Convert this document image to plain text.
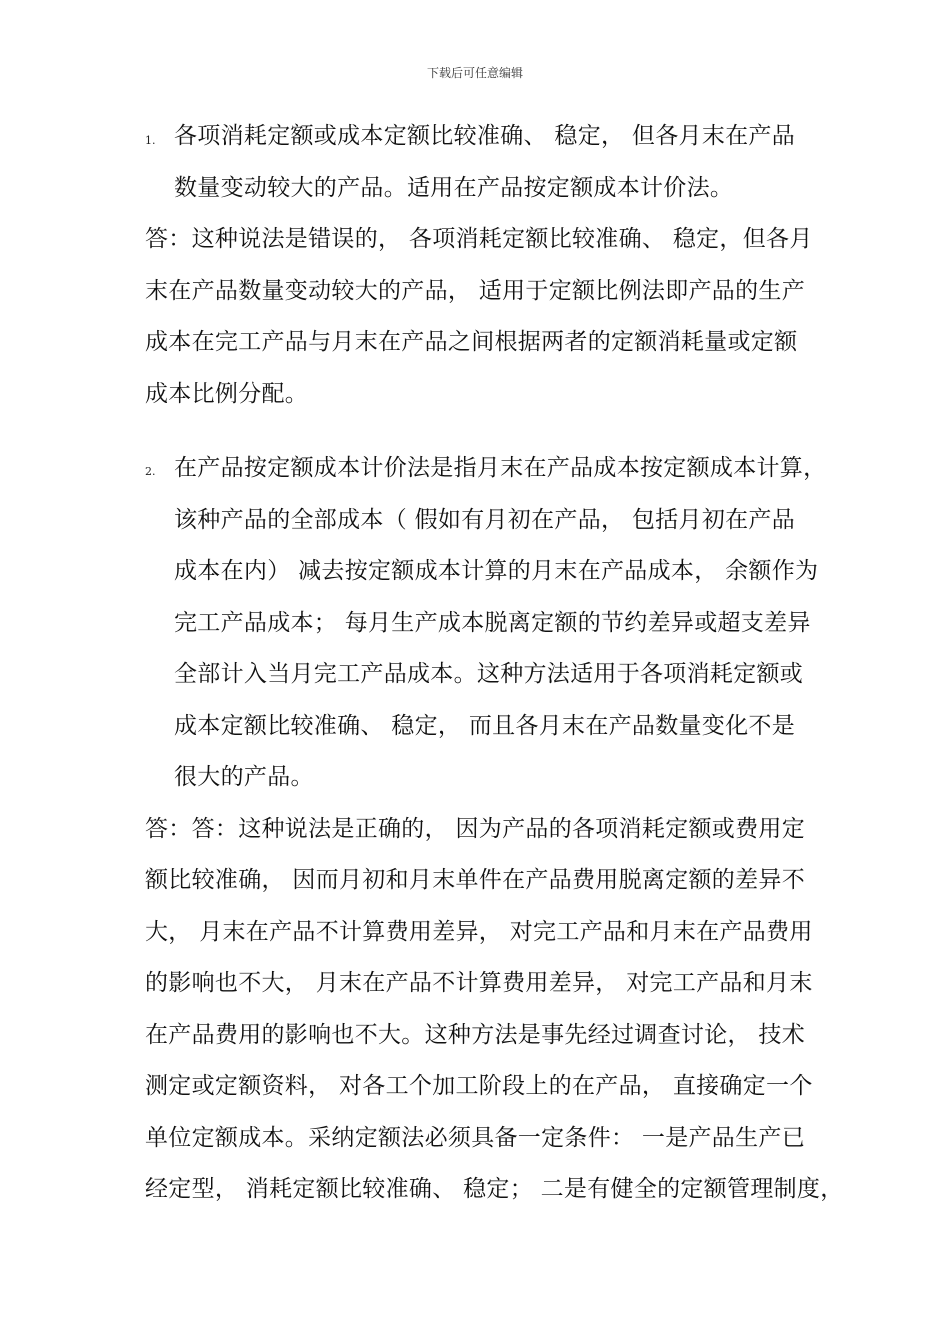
下载后可任意编辑
1. 各项消耗定额或成本定额比较准确、 稳定， 但各月末在产品
数量变动较大的产品。适用在产品按定额成本计价法。
答：这种说法是错误的， 各项消耗定额比较准确、 稳定，但各月
末在产品数量变动较大的产品， 适用于定额比例法即产品的生产
成本在完工产品与月末在产品之间根据两者的定额消耗量或定额
成本比例分配。
2. 在产品按定额成本计价法是指月末在产品成本按定额成本计算，
该种产品的全部成本（ 假如有月初在产品， 包括月初在产品
成本在内） 减去按定额成本计算的月末在产品成本， 余额作为
完工产品成本； 每月生产成本脱离定额的节约差异或超支差异
全部计入当月完工产品成本。这种方法适用于各项消耗定额或
成本定额比较准确、 稳定， 而且各月末在产品数量变化不是
很大的产品。
答：答：这种说法是正确的， 因为产品的各项消耗定额或费用定
额比较准确， 因而月初和月末单件在产品费用脱离定额的差异不
大， 月末在产品不计算费用差异， 对完工产品和月末在产品费用
的影响也不大， 月末在产品不计算费用差异， 对完工产品和月末
在产品费用的影响也不大。这种方法是事先经过调查讨论， 技术
测定或定额资料， 对各工个加工阶段上的在产品， 直接确定一个
单位定额成本。采纳定额法必须具备一定条件： 一是产品生产已
经定型， 消耗定额比较准确、 稳定； 二是有健全的定额管理制度，
